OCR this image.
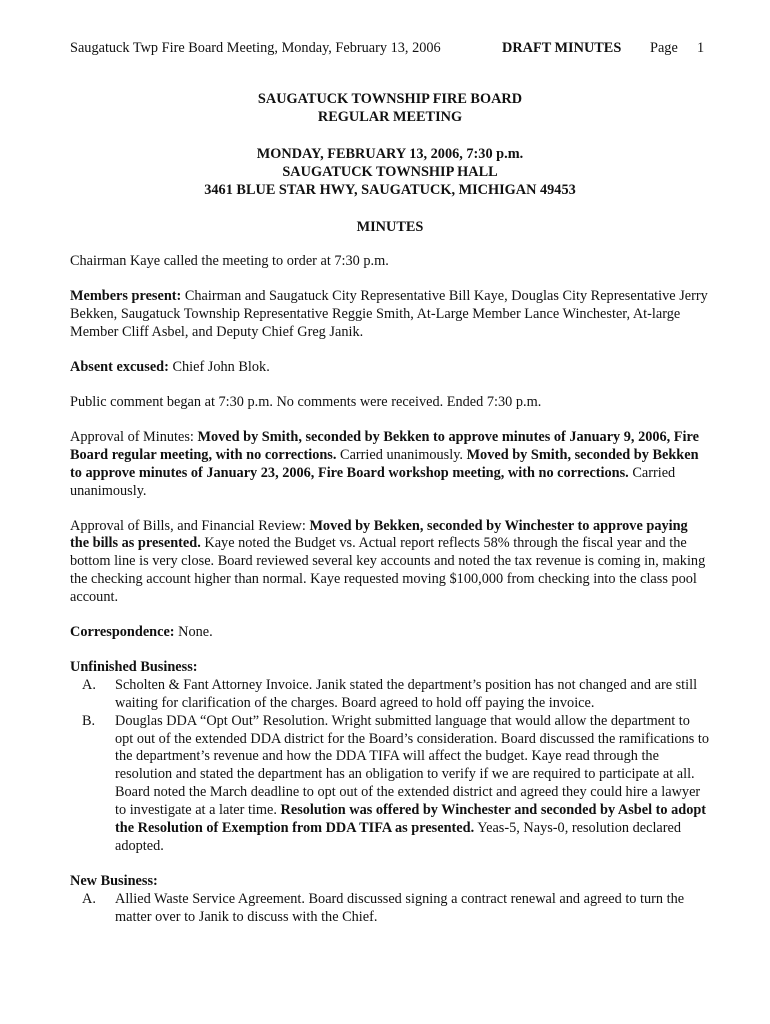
Saugatuck Twp Fire Board Meeting, Monday, February 13, 2006	DRAFT MINUTES Page 1

SAUGATUCK TOWNSHIP FIRE BOARD

REGULAR MEETING

MONDAY, FEBRUARY 13, 2006, 7:30 p.m.

SAUGATUCK TOWNSHIP HALL

3461 BLUE STAR HWY, SAUGATUCK, MICHIGAN 49453

MINUTES

Chairman Kaye called the meeting to order at 7:30 p.m.

Members present: Chairman and Saugatuck City Representative Bill Kaye, Douglas City Representative Jerry Bekken, Saugatuck Township Representative Reggie Smith, At-Large Member Lance Winchester, At-large Member Cliff Asbel, and Deputy Chief Greg Janik.

Absent excused: Chief John Blok.

Public comment began at 7:30 p.m. No comments were received. Ended 7:30 p.m.

Approval of Minutes: Moved by Smith, seconded by Bekken to approve minutes of January 9, 2006, Fire Board regular meeting, with no corrections. Carried unanimously. Moved by Smith, seconded by Bekken to approve minutes of January 23, 2006, Fire Board workshop meeting, with no corrections. Carried unanimously.

Approval of Bills, and Financial Review: Moved by Bekken, seconded by Winchester to approve paying the bills as presented. Kaye noted the Budget vs. Actual report reflects 58% through the fiscal year and the bottom line is very close. Board reviewed several key accounts and noted the tax revenue is coming in, making the checking account higher than normal. Kaye requested moving $100,000 from checking into the class pool account.

Correspondence: None.

Unfinished Business:

A. Scholten & Fant Attorney Invoice. Janik stated the department’s position has not changed and are still waiting for clarification of the charges. Board agreed to hold off paying the invoice.
B. Douglas DDA “Opt Out” Resolution. Wright submitted language that would allow the department to opt out of the extended DDA district for the Board’s consideration. Board discussed the ramifications to the department’s revenue and how the DDA TIFA will affect the budget. Kaye read through the resolution and stated the department has an obligation to verify if we are required to participate at all. Board noted the March deadline to opt out of the extended district and agreed they could hire a lawyer to investigate at a later time. Resolution was offered by Winchester and seconded by Asbel to adopt the Resolution of Exemption from DDA TIFA as presented. Yeas-5, Nays-0, resolution declared adopted.

New Business:

A. Allied Waste Service Agreement. Board discussed signing a contract renewal and agreed to turn the matter over to Janik to discuss with the Chief.
